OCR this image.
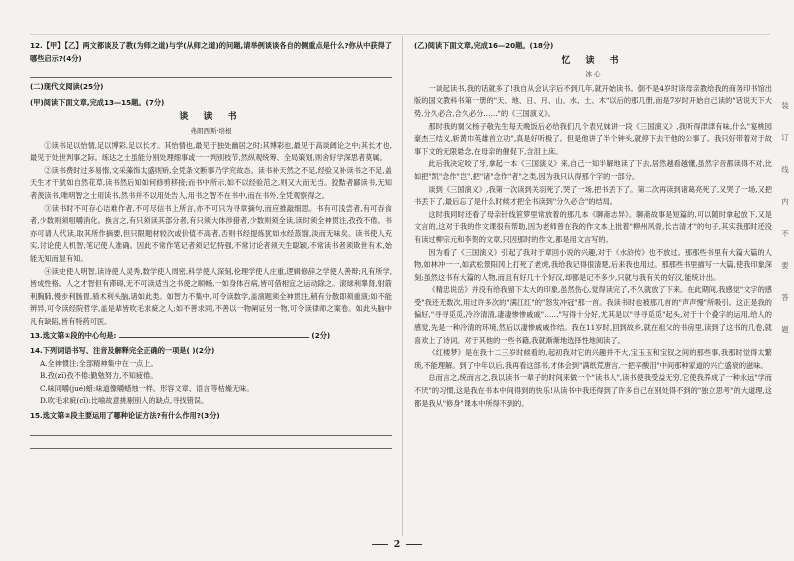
12.【甲】【乙】两文都谈及了教(为师之道)与学(从师之道)的问题,请举例谈谈各自的侧重点是什么?你从中获得了哪些启示?(4分)

(二)现代文阅读(25分)

(甲)阅读下面文章,完成13—15题。(7分)

谈 读 书
弗朗西斯·培根

①读书足以怡情,足以博彩,足以长才。其怡情也,最见于独处幽居之时;其博彩也,最见于高谈阔论之中;其长才也,最见于处世判事之际。练达之士虽能分别处理细事或一一判别枝节,然纵观统筹、全局策划,则舍好学深思者莫属。

②读书费时过多易惰,文采藻饰太盛则矫,全凭条文断事乃学究故态。读书补天然之不足,经验又补读书之不足,盖天生才干犹如自然花草,读书然后知如何修剪移接;而书中所示,如不以经验范之,则又大而无当。狡黠者鄙读书,无知者羡读书,唯明智之士用读书,然书并不以用处告人,用书之智不在书中,而在书外,全凭观察得之。

③读书时不可存心诘难作者,不可尽信书上所言,亦不可只为寻章摘句,而应推敲细思。书有可浅尝者,有可吞食者,少数则须咀嚼消化。换言之,有只须读其部分者,有只须大体涉猎者,少数则须全读,读时须全神贯注,孜孜不倦。书亦可请人代读,取其所作摘要,但只限题材较次或价值不高者,否则书经提炼犹如水经蒸馏,淡而无味矣。读书使人充实,讨论使人机智,笔记使人准确。因此不常作笔记者须记忆特强,不常讨论者须天生聪颖,不常读书者须欺世有术,始能无知而显有知。

④读史使人明智,读诗使人灵秀,数学使人周密,科学使人深刻,伦理学使人庄重,逻辑修辞之学使人善辩;凡有所学,皆成性格。人之才智但有滞碍,无不可读适当之书使之顺畅,一如身体百病,皆可借相宜之运动除之。滚球利睾肾,射箭利胸肺,慢步利肠胃,骑术利头脑,诸如此类。如智力不集中,可令读数学,盖演题须全神贯注,稍有分散即须重演;如不能辨异,可令读经院哲学,盖是辈皆吹毛求疵之人;如不善求同,不善以一物阐证另一物,可令读律师之案卷。如此头脑中凡有缺陷,皆有特药可医。

13.选文第①段的中心句是:	(2分)

14.下列词语书写、注音及解释完全正确的一项是( )(2分)

A.全神惯注:全部精神集中在一点上。

B.孜(zī)孜不倦:勤勉努力,不知疲倦。

C.味同嚼(jué)蜡:味道像嚼蜡烛一样。形容文章、语言等枯燥无味。

D.吹毛求疵(cī):比喻故意挑剔别人的缺点,寻找错误。

15.选文第②段主要运用了哪种论证方法?有什么作用?(3分)

(乙)阅读下面文章,完成16—20题。(18分)

忆 读 书
冰 心

一谈起读书,我的话就多了!我自从会认字后不到几年,就开始读书。倒不是4岁时读母亲教给我的商务印书馆出版的国文教科书第一册的"天、地、日、月、山、水、土、木"以后的那几册,而是7岁时开始自己读的"话说天下大势,分久必合,合久必分……"的《三国演义》。

那时我的舅父杨子敬先生每天晚饭后必给我们几个表兄妹讲一段《三国演义》,我听得津津有味,什么"宴桃园豪杰三结义,斩黄巾英雄首立功",真是好听极了。但是他讲了半个钟头,就停下去干他的公事了。我只好带着对于故事下文的无限悬念,在母亲的催促下,含泪上床。

此后我决定咬了牙,拿起一本《三国演义》来,自己一知半解地读了下去,居然越看越懂,虽然字音都读得不对,比如把"凯"念作"岂",把"诸"念作"者"之类,因为我只认得那个字的一部分。

谈到《三国演义》,我第一次读到关羽死了,哭了一场,把书丢下了。第二次再读到诸葛亮死了,又哭了一场,又把书丢下了,最后忘了是什么时候才把全书读到"分久必合"的结局。

这时我同时还看了母亲针线笸箩里常放着的那几本《聊斋志异》。聊斋故事是短篇的,可以随时拿起放下,又是文言的,这对于我的作文课很有帮助,因为老师曾在我的作文本上批着"柳州风骨,长吉清才"的句子,其实我那时还没有读过柳宗元和李贺的文章,只因那时的作文,都是用文言写的。

因为看了《三国演义》引起了我对于章回小说的兴趣,对于《水浒传》也不放过。那那些书里有大篇大篇的人物,如林冲一一,如武松景阳冈上打死了老虎,我给我记得很清楚,后来我也用过。那那些书里描写一大篇,使我印象深刻;虽然这书有大篇的人物,而且有好几十个好汉,却都是记不多少,只就与我有关的好汉,能统计出。

《精忠说岳》并没有给我留下太大的印象,虽然伤心,觉得读完了,不久就放了下来。在此期间,我感觉"文字的感受"我还无数次,用过许多次的"满江红"的"怒发冲冠"那一首。我读书时也被那几首的"声声慢"所吸引。这正是我的偏好,"寻寻觅觅,冷冷清清,凄凄惨惨戚戚"……"写得十分好,尤其是以"寻寻觅觅"起头,对于十个叠字的运用,给人的感觉,先是一种冷清的环境,然后以凄惨戚戚作结。我在11岁时,回到故乡,就在祖父的书房里,读到了这书的几卷,就喜欢上了诗词。对于其他的一些书籍,我就渐渐地选择性地阅读了。

《红楼梦》是在我十二三岁时候看的,起初我对它的兴趣并不大,宝玉玉和宝钗之间的那些事,我那时觉得太繁琐,不能理解。到了中年以后,我再看这部书,才体会到"满纸荒唐言,一把辛酸泪"中间那种家道的兴亡盛衰的滋味。

总而言之,统而言之,我以读书一辈子的时间来做一个"读书人",读书使我受益无穷,它使我养成了一种永远"学而不厌"的习惯,这是我在书本中间得到的快乐!从读书中我还得到了许多自己在别处得不到的"独立思考"的大道理,这都是我从"修身"课本中所得不到的。

装
订
线
内
不
要
答
题
2
